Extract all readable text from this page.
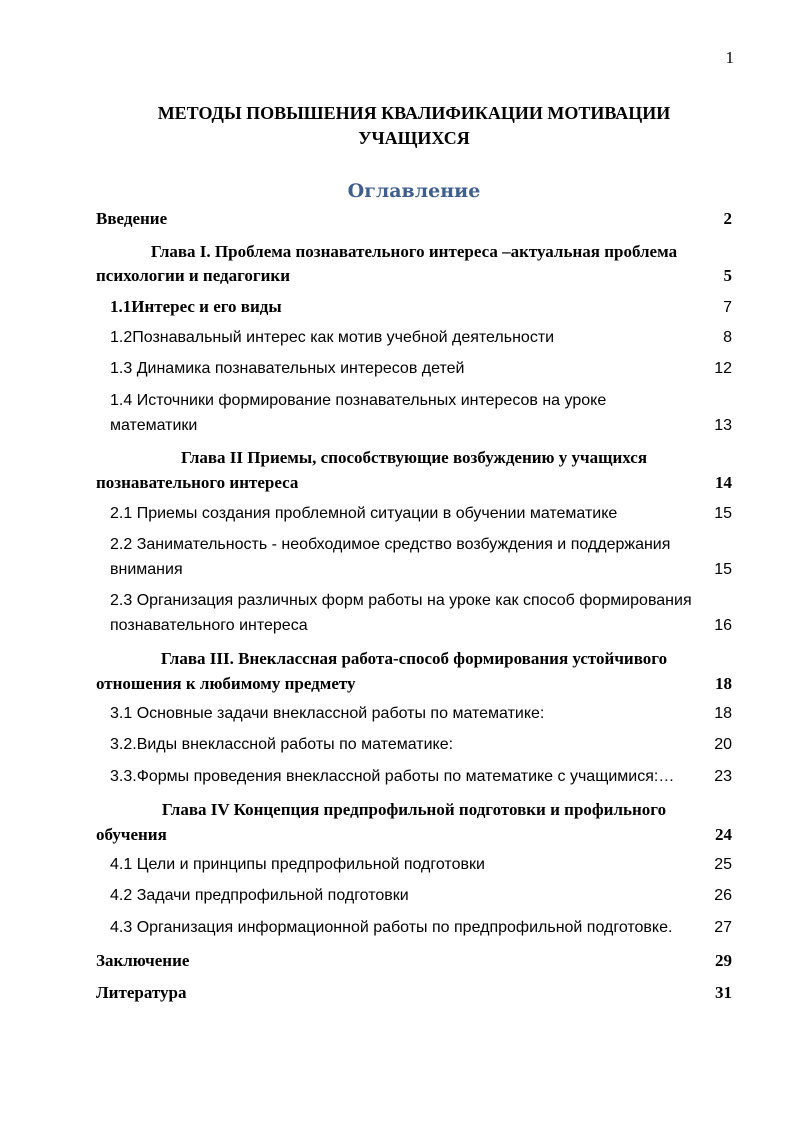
1
МЕТОДЫ ПОВЫШЕНИЯ КВАЛИФИКАЦИИ МОТИВАЦИИ
УЧАЩИХСЯ
Оглавление
Введение	2
Глава I. Проблема познавательного интереса –актуальная проблема
психологии и педагогики	5
1.1Интерес и его виды	7
1.2Познавальный интерес как мотив учебной деятельности	8
1.3 Динамика познавательных интересов детей	12
1.4 Источники формирование познавательных интересов на уроке
математики	13
Глава II Приемы, способствующие возбуждению у учащихся
познавательного интереса	14
2.1 Приемы создания проблемной ситуации в обучении математике	15
2.2 Занимательность - необходимое средство возбуждения и поддержания
внимания	15
2.3 Организация различных форм работы на уроке как способ формирования
познавательного интереса	16
Глава III. Внеклассная работа-способ формирования устойчивого
отношения к любимому предмету	18
3.1 Основные задачи внеклассной работы по математике:	18
3.2.Виды внеклассной работы по математике:	20
3.3.Формы проведения внеклассной работы по математике с учащимися:… 23
Глава IV Концепция предпрофильной подготовки и профильного
обучения	24
4.1 Цели и принципы предпрофильной подготовки	25
4.2 Задачи предпрофильной подготовки	26
4.3 Организация информационной работы по предпрофильной подготовке.	27
Заключение	29
Литература	31
